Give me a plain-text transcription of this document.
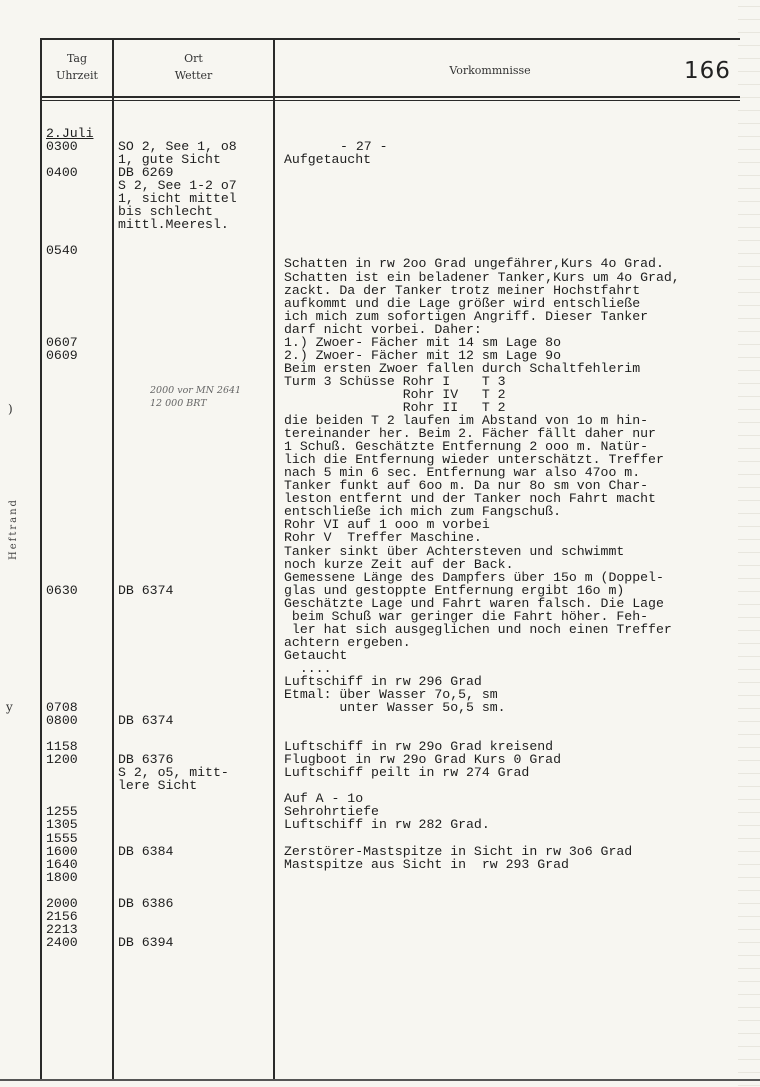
Tag
Uhrzeit
Ort
Wetter	Vorkommnisse	166
Heftrand
)
y
2.Juli
0300
0400
0540
0607
0609
0630
0708
0800
1158
1200
1255
1305
1555
1600
1640
1800
2000
2156
2213
2400
SO 2, See 1, o8
1, gute Sicht
DB 6269
S 2, See 1-2 o7
1, sicht mittel
bis schlecht
mittl.Meeresl.
DB 6374
DB 6374
DB 6376
S 2, o5, mitt-
lere Sicht
DB 6384
DB 6386
DB 6394
- 27 -
Aufgetaucht
Schatten in rw 2oo Grad ungefährer,Kurs 4o Grad.
Schatten ist ein beladener Tanker,Kurs um 4o Grad,
zackt. Da der Tanker trotz meiner Hochstfahrt
aufkommt und die Lage größer wird entschließe
ich mich zum sofortigen Angriff. Dieser Tanker
darf nicht vorbei. Daher:
1.) Zwoer- Fächer mit 14 sm Lage 8o
2.) Zwoer- Fächer mit 12 sm Lage 9o
Beim ersten Zwoer fallen durch Schaltfehlerim
Turm 3 Schüsse Rohr I    T 3
Rohr IV   T 2
Rohr II   T 2
die beiden T 2 laufen im Abstand von 1o m hin-
tereinander her. Beim 2. Fächer fällt daher nur
1 Schuß. Geschätzte Entfernung 2 ooo m. Natür-
lich die Entfernung wieder unterschätzt. Treffer
nach 5 min 6 sec. Entfernung war also 47oo m.
Tanker funkt auf 6oo m. Da nur 8o sm von Char-
leston entfernt und der Tanker noch Fahrt macht
entschließe ich mich zum Fangschuß.
Rohr VI auf 1 ooo m vorbei
Rohr V  Treffer Maschine.
Tanker sinkt über Achtersteven und schwimmt
noch kurze Zeit auf der Back.
Gemessene Länge des Dampfers über 15o m (Doppel-
glas und gestoppte Entfernung ergibt 16o m)
Geschätzte Lage und Fahrt waren falsch. Die Lage
beim Schuß war geringer die Fahrt höher. Feh-
ler hat sich ausgeglichen und noch einen Treffer
achtern ergeben.
Getaucht
....
Luftschiff in rw 296 Grad
Etmal: über Wasser 7o,5, sm
unter Wasser 5o,5 sm.
Luftschiff in rw 29o Grad kreisend
Flugboot in rw 29o Grad Kurs 0 Grad
Luftschiff peilt in rw 274 Grad
Auf A - 1o
Sehrohrtiefe
Luftschiff in rw 282 Grad.
Zerstörer-Mastspitze in Sicht in rw 3o6 Grad
Mastspitze aus Sicht in  rw 293 Grad
2000 vor MN 2641
12 000 BRT
